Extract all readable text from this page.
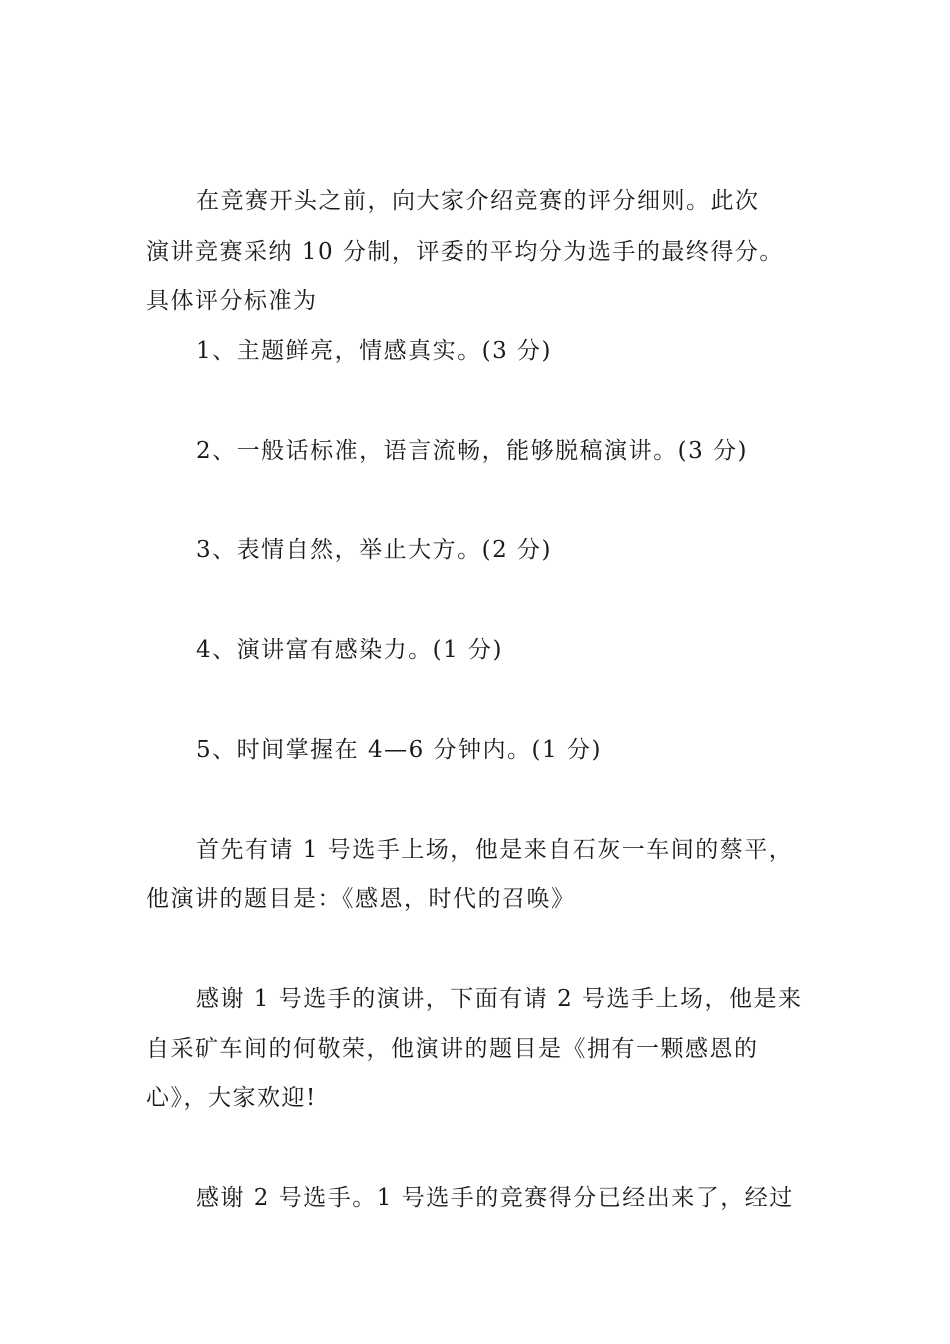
在竞赛开头之前，向大家介绍竞赛的评分细则。此次
演讲竞赛采纳 10 分制，评委的平均分为选手的最终得分。
具体评分标准为
1、主题鲜亮，情感真实。(3 分)
2、一般话标准，语言流畅，能够脱稿演讲。(3 分)
3、表情自然，举止大方。(2 分)
4、演讲富有感染力。(1 分)
5、时间掌握在 4—6 分钟内。(1 分)
首先有请 1 号选手上场，他是来自石灰一车间的蔡平，
他演讲的题目是：《感恩，时代的召唤》
感谢 1 号选手的演讲，下面有请 2 号选手上场，他是来
自采矿车间的何敬荣，他演讲的题目是《拥有一颗感恩的
心》，大家欢迎!
感谢 2 号选手。1 号选手的竞赛得分已经出来了，经过
